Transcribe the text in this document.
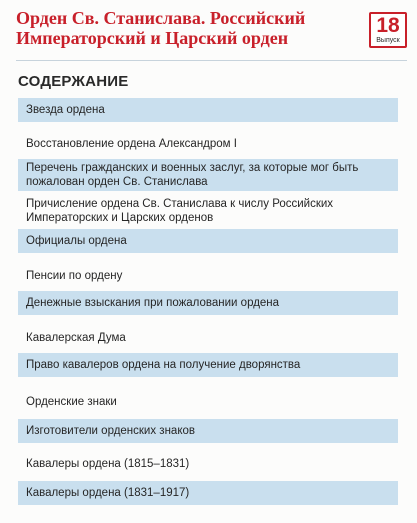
Орден Св. Станислава. Российский Императорский и Царский орден
18
Выпуск
СОДЕРЖАНИЕ
Звезда ордена
Восстановление ордена Александром I
Перечень гражданских и военных заслуг, за которые мог быть пожалован орден Св. Станислава
Причисление ордена Св. Станислава к числу Российских Императорских и Царских орденов
Официалы ордена
Пенсии по ордену
Денежные взыскания при пожаловании ордена
Кавалерская Дума
Право кавалеров ордена на получение дворянства
Орденские знаки
Изготовители орденских знаков
Кавалеры ордена (1815–1831)
Кавалеры ордена (1831–1917)
